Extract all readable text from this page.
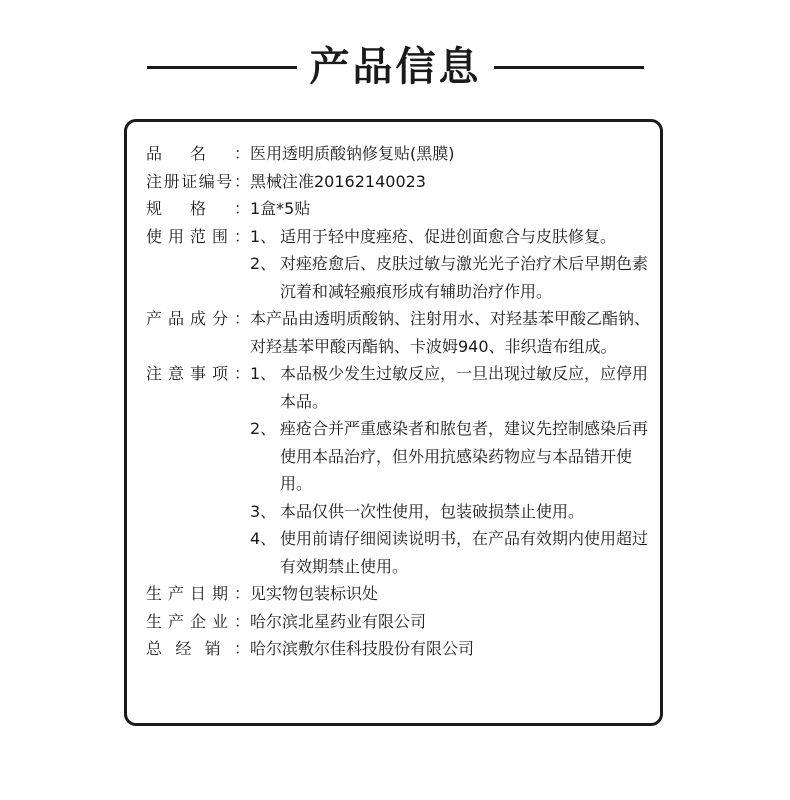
产品信息
品 名
：	医用透明质酸钠修复贴(黑膜)
注 册 证 编 号
： 黑械注准20162140023
规 格
：	1盒*5贴
使 用 范 围
： 1、 适用于轻中度痤疮、促进创面愈合与皮肤修复。
2、 对痤疮愈后、皮肤过敏与激光光子治疗术后早期色素沉着和减轻瘢痕形成有辅助治疗作用。
产 品 成 分
： 本产品由透明质酸钠、注射用水、对羟基苯甲酸乙酯钠、对羟基苯甲酸丙酯钠、卡波姆940、非织造布组成。
注 意 事 项
： 1、 本品极少发生过敏反应，一旦出现过敏反应，应停用本品。
2、 痤疮合并严重感染者和脓包者，建议先控制感染后再使用本品治疗，但外用抗感染药物应与本品错开使用。
3、 本品仅供一次性使用，包装破损禁止使用。
4、 使用前请仔细阅读说明书，在产品有效期内使用超过有效期禁止使用。
生 产 日 期
： 见实物包装标识处
生 产 企 业
： 哈尔滨北星药业有限公司
总 经 销
： 哈尔滨敷尔佳科技股份有限公司
